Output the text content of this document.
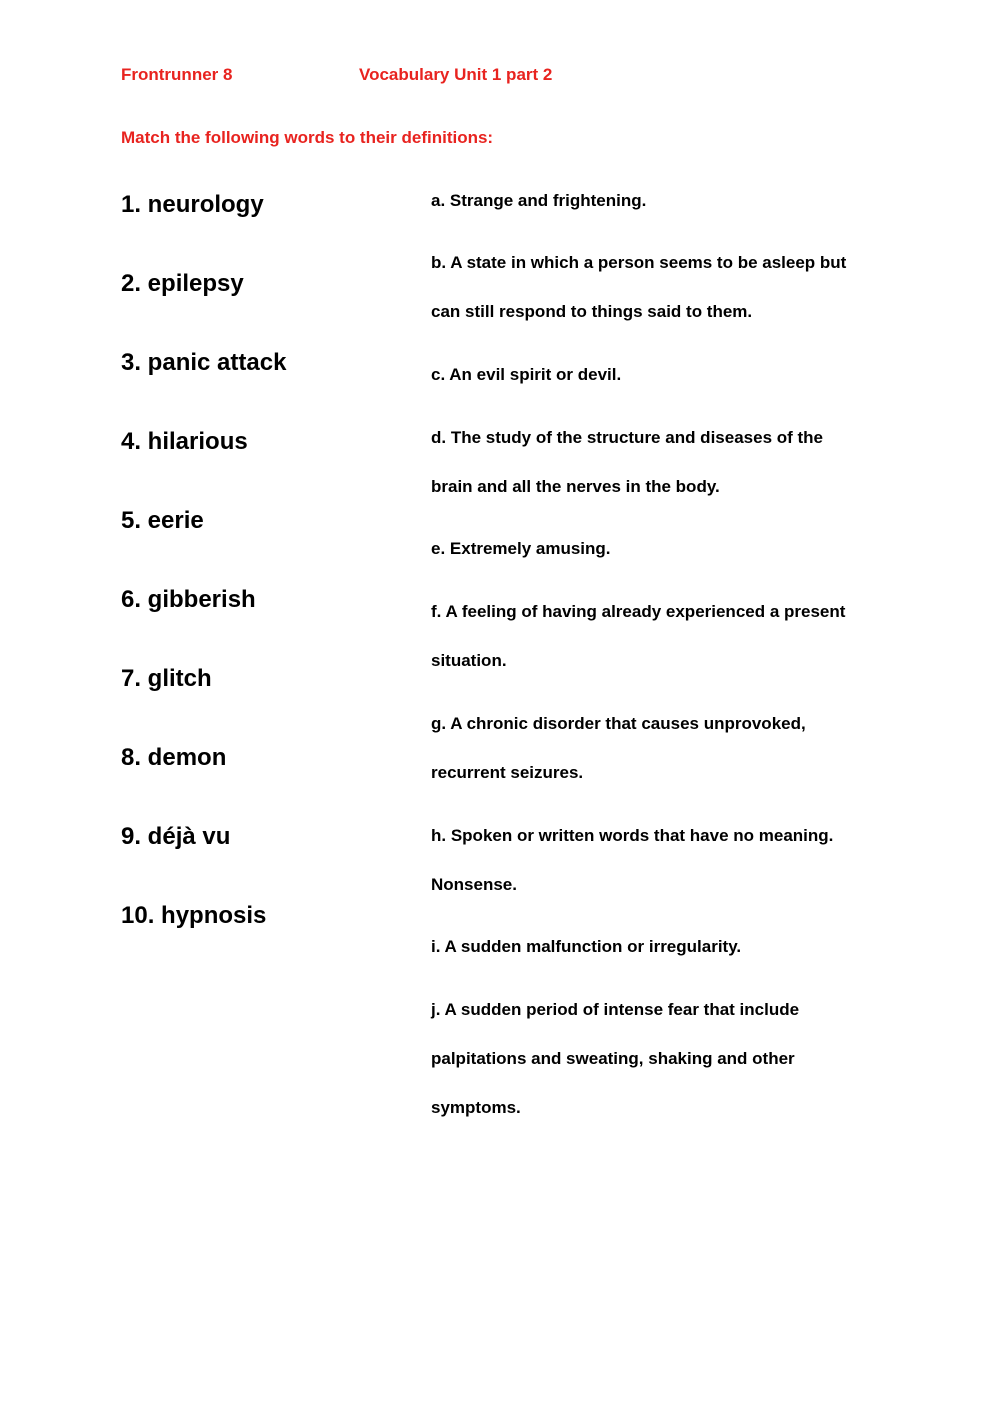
Frontrunner 8	Vocabulary Unit 1 part 2
Match the following words to their definitions:
1. neurology
2. epilepsy
3. panic attack
4. hilarious
5. eerie
6. gibberish
7. glitch
8. demon
9. déjà vu
10. hypnosis
a. Strange and frightening.
b. A state in which a person seems to be asleep but
can still respond to things said to them.
c. An evil spirit or devil.
d. The study of the structure and diseases of the
brain and all the nerves in the body.
e. Extremely amusing.
f. A feeling of having already experienced a present
situation.
g. A chronic disorder that causes unprovoked,
recurrent seizures.
h. Spoken or written words that have no meaning.
Nonsense.
i. A sudden malfunction or irregularity.
j. A sudden period of intense fear that include
palpitations and sweating, shaking and other
symptoms.
